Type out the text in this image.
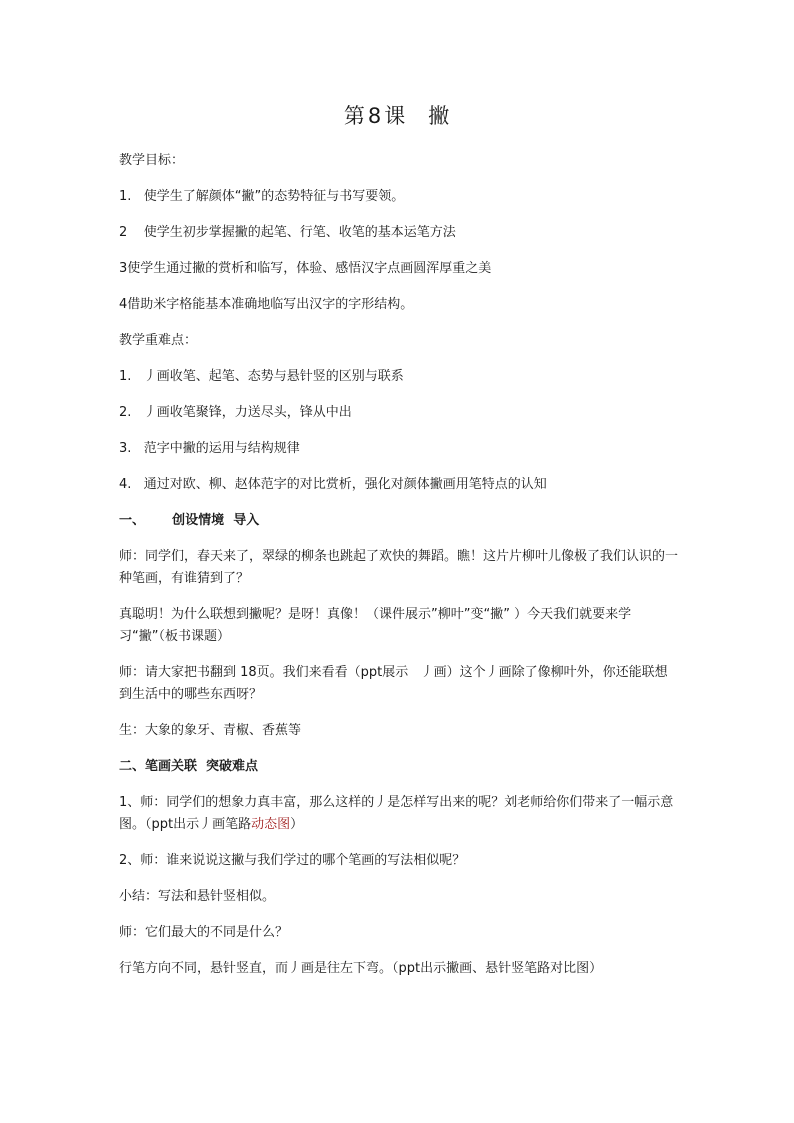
第8课 撇

教学目标：

1.   使学生了解颜体“撇”的态势特征与书写要领。

2    使学生初步掌握撇的起笔、行笔、收笔的基本运笔方法

3使学生通过撇的赏析和临写，体验、感悟汉字点画圆浑厚重之美

4借助米字格能基本准确地临写出汉字的字形结构。

教学重难点：

1.   丿画收笔、起笔、态势与悬针竖的区别与联系

2.   丿画收笔聚锋，力送尽头，锋从中出

3.   范字中撇的运用与结构规律

4.   通过对欧、柳、赵体范字的对比赏析，强化对颜体撇画用笔特点的认知

一、      创设情境  导入

师：同学们，春天来了，翠绿的柳条也跳起了欢快的舞蹈。瞧！这片片柳叶儿像极了我们认识的一种笔画，有谁猜到了？

真聪明！为什么联想到撇呢？是呀！真像！（课件展示”柳叶”变“撇” ）今天我们就要来学习“撇”（板书课题）

师：请大家把书翻到 18页。我们来看看（ppt展示   丿画）这个丿画除了像柳叶外，你还能联想到生活中的哪些东西呀？

生：大象的象牙、青椒、香蕉等

二、笔画关联  突破难点

1、师：同学们的想象力真丰富，那么这样的丿是怎样写出来的呢？刘老师给你们带来了一幅示意图。（ppt出示丿画笔路动态图）

2、师：谁来说说这撇与我们学过的哪个笔画的写法相似呢？

小结：写法和悬针竖相似。

师：它们最大的不同是什么？

行笔方向不同，悬针竖直，而丿画是往左下弯。（ppt出示撇画、悬针竖笔路对比图）
